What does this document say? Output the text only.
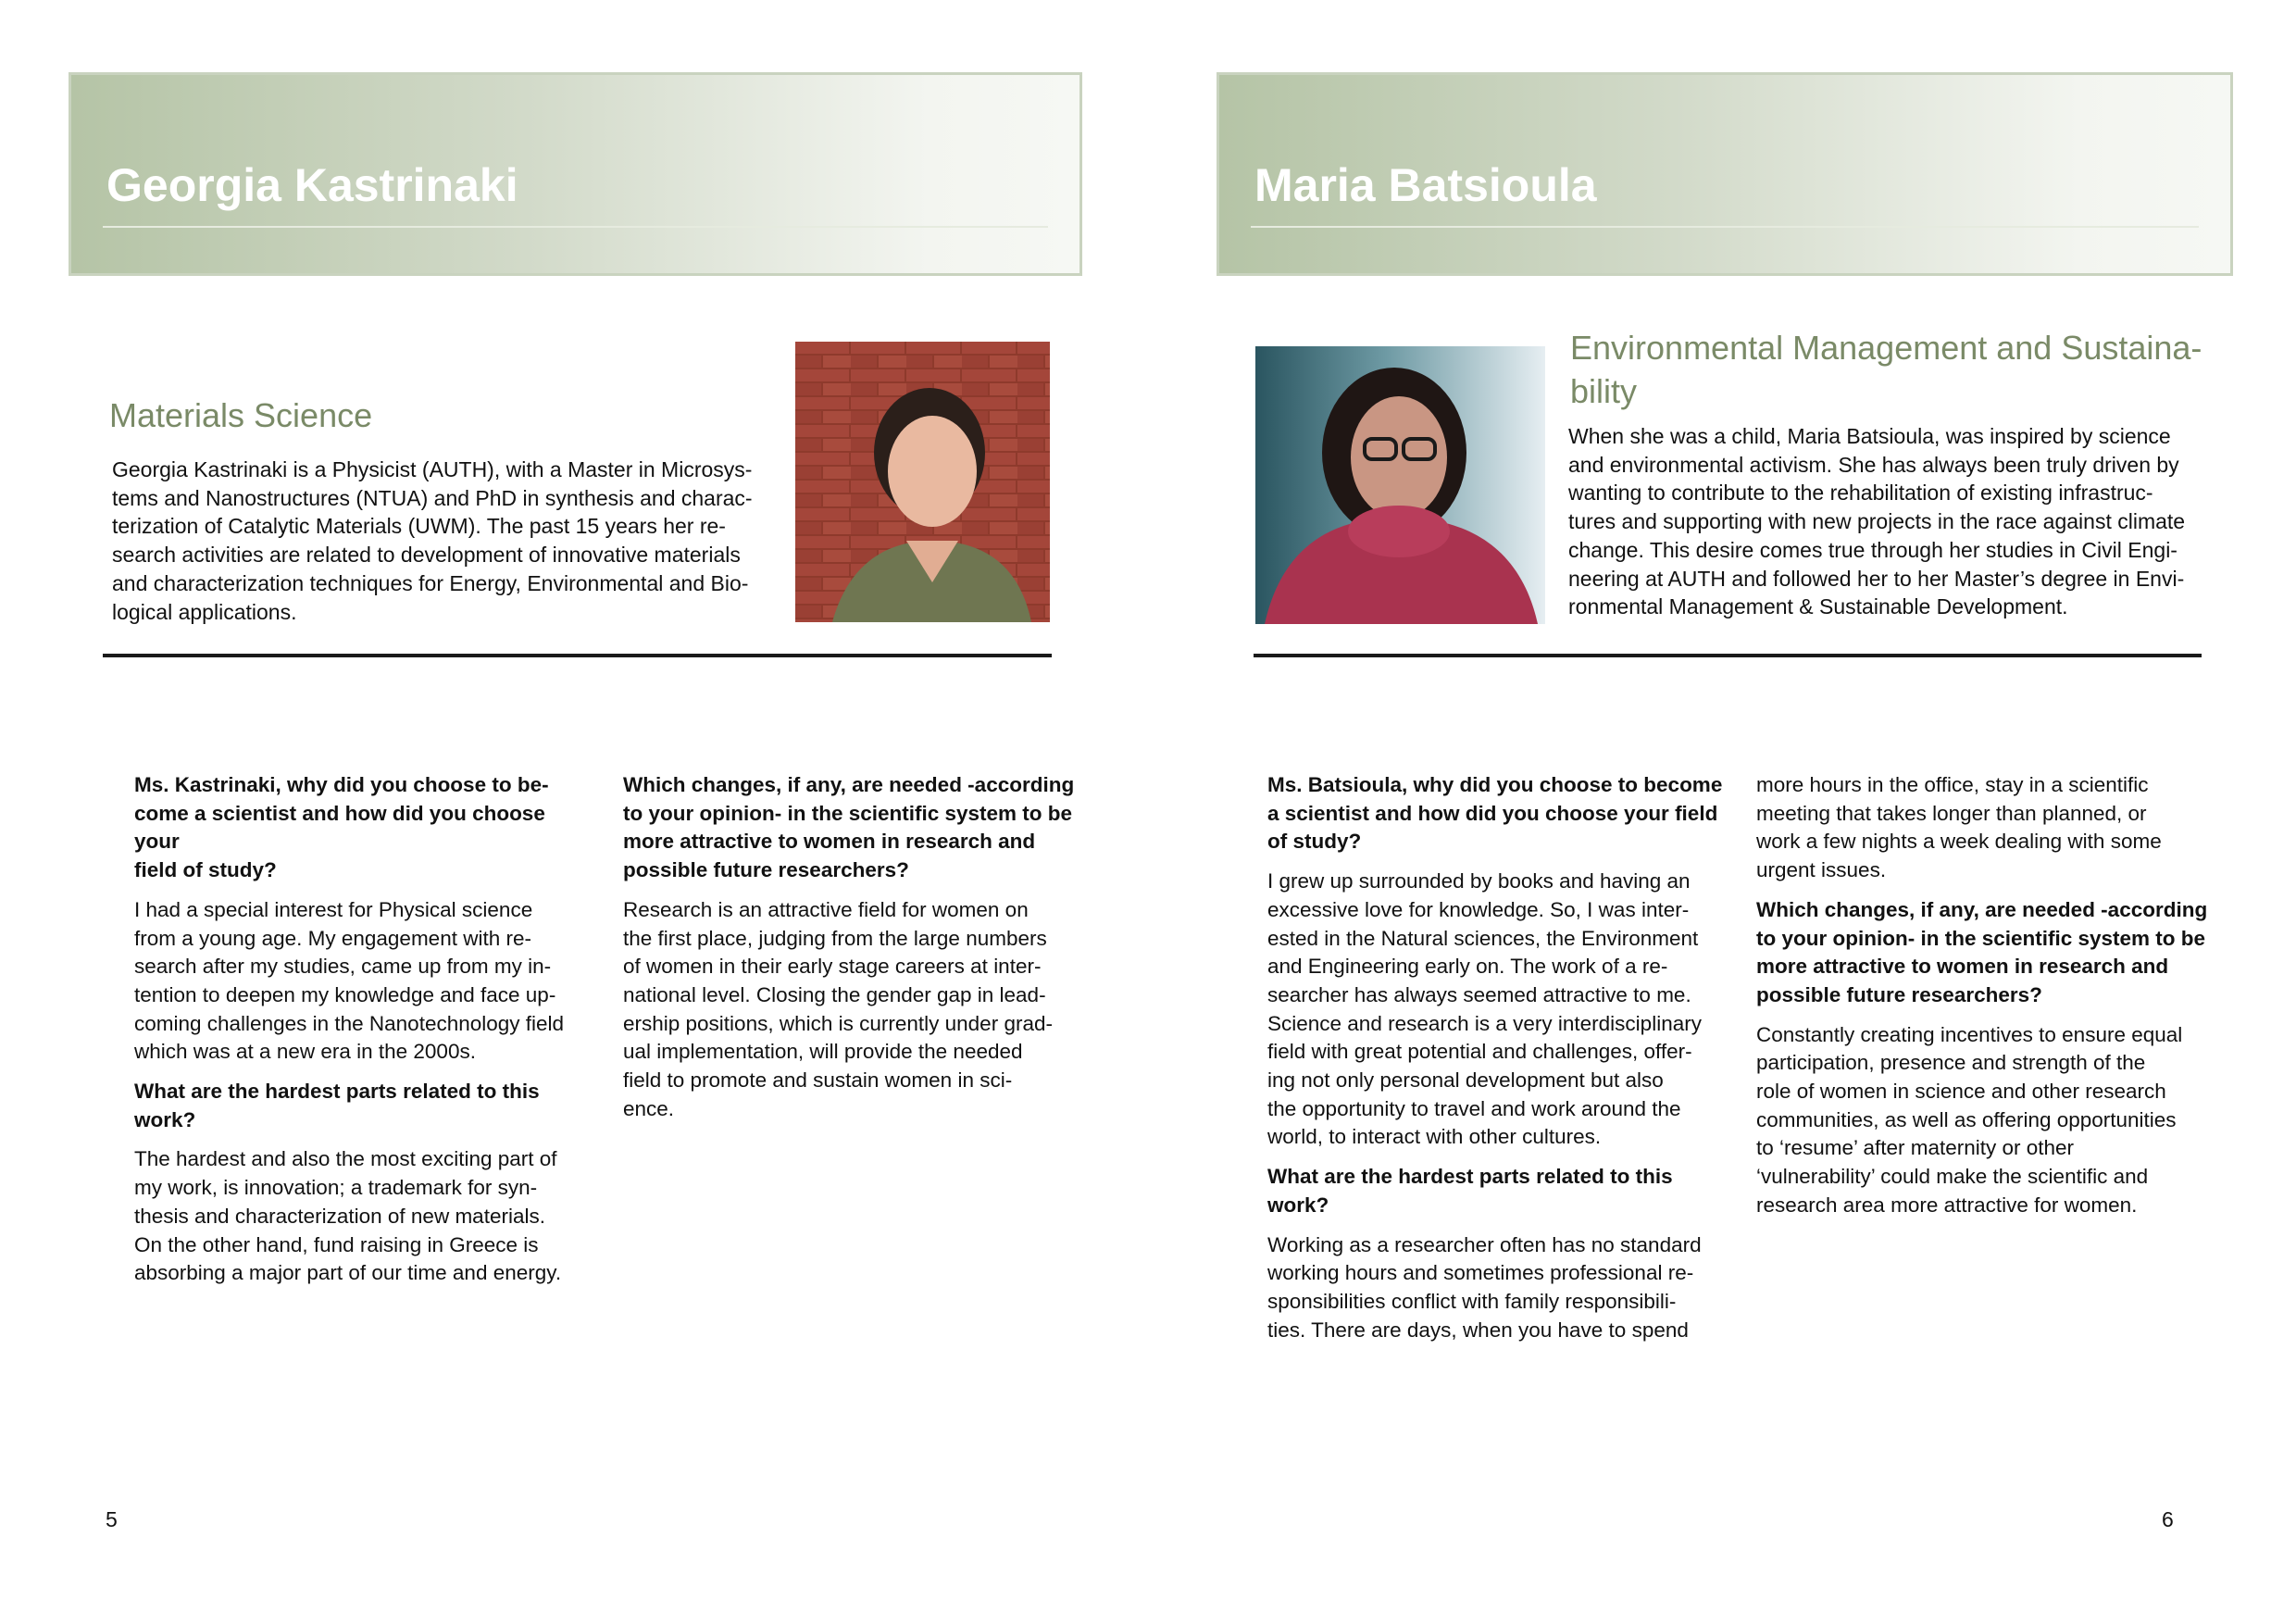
Georgia Kastrinaki
Materials Science

Georgia Kastrinaki is a Physicist (AUTH), with a Master in Microsys-

tems and Nanostructures (NTUA) and PhD in synthesis and charac-

terization of Catalytic Materials (UWM). The past 15 years her re-

search activities are related to development of innovative materials

and characterization techniques for Energy, Environmental and Bio-

logical applications.

Ms. Kastrinaki, why did you choose to be-

come a scientist and how did you choose your

field of study?

I had a special interest for Physical science

from a young age. My engagement with re-

search after my studies, came up from my in-

tention to deepen my knowledge and face up-

coming challenges in the Nanotechnology field

which was at a new era in the 2000s.

What are the hardest parts related to this

work?

The hardest and also the most exciting part of

my work, is innovation; a trademark for syn-

thesis and characterization of new materials.

On the other hand, fund raising in Greece is

absorbing a major part of our time and energy.

Which changes, if any, are needed -according

to your opinion- in the scientific system to be

more attractive to women in research and

possible future researchers?

Research is an attractive field for women on

the first place, judging from the large numbers

of women in their early stage careers at inter-

national level. Closing the gender gap in lead-

ership positions, which is currently under grad-

ual implementation, will provide the needed

field to promote and sustain women in sci-

ence.

5
Maria Batsioula
Environmental Management and Sustaina-
bility

When she was a child, Maria Batsioula, was inspired by science

and environmental activism. She has always been truly driven by

wanting to contribute to the rehabilitation of existing infrastruc-

tures and supporting with new projects in the race against climate

change. This desire comes true through her studies in Civil Engi-

neering at AUTH and followed her to her Master’s degree in Envi-

ronmental Management & Sustainable Development.

Ms. Batsioula, why did you choose to become

a scientist and how did you choose your field

of study?

I grew up surrounded by books and having an

excessive love for knowledge. So, I was inter-

ested in the Natural sciences, the Environment

and Engineering early on. The work of a re-

searcher has always seemed attractive to me.

Science and research is a very interdisciplinary

field with great potential and challenges, offer-

ing not only personal development but also

the opportunity to travel and work around the

world, to interact with other cultures.

What are the hardest parts related to this

work?

Working as a researcher often has no standard

working hours and sometimes professional re-

sponsibilities conflict with family responsibili-

ties. There are days, when you have to spend

more hours in the office, stay in a scientific

meeting that takes longer than planned, or

work a few nights a week dealing with some

urgent issues.

Which changes, if any, are needed -according

to your opinion- in the scientific system to be

more attractive to women in research and

possible future researchers?

Constantly creating incentives to ensure equal

participation, presence and strength of the

role of women in science and other research

communities, as well as offering opportunities

to ‘resume’ after maternity or other

‘vulnerability’ could make the scientific and

research area more attractive for women.

6
